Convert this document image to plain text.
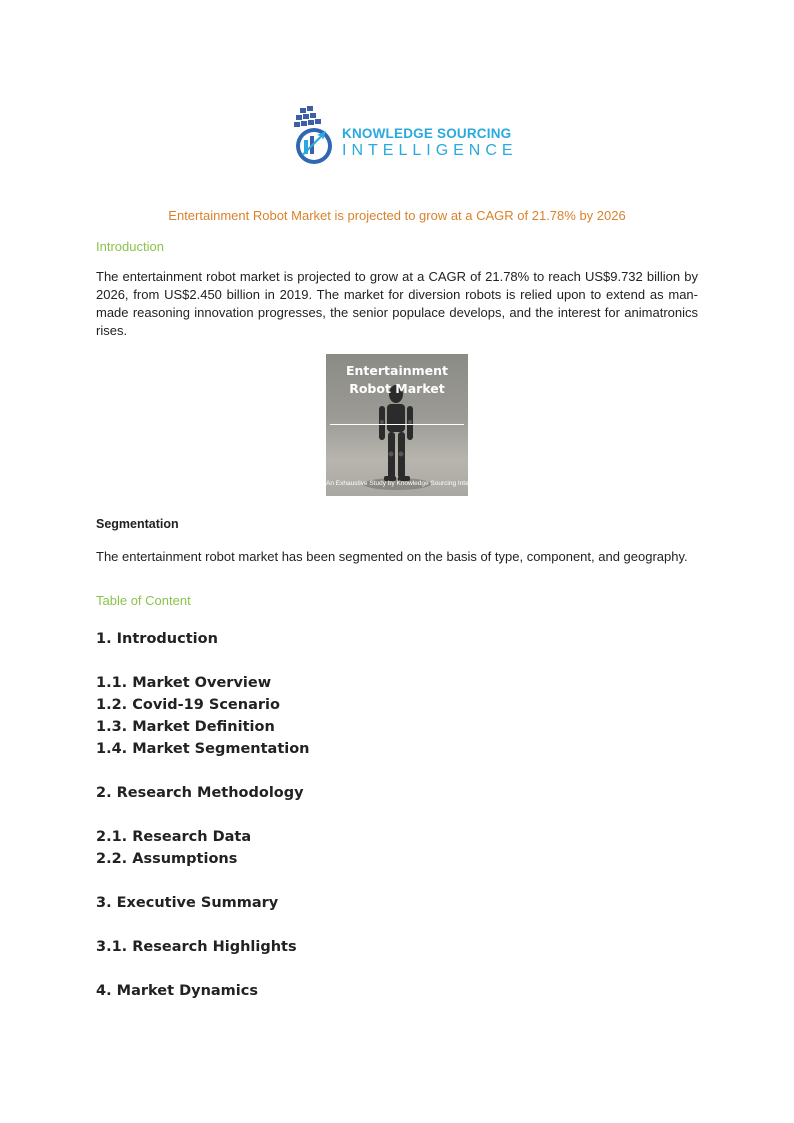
KNOWLEDGE SOURCING
INTELLIGENCE
Entertainment Robot Market is projected to grow at a CAGR of 21.78% by 2026
Introduction

The entertainment robot market is projected to grow at a CAGR of 21.78% to reach US$9.732 billion by 2026, from US$2.450 billion in 2019. The market for diversion robots is relied upon to extend as man-made reasoning innovation progresses, the senior populace develops, and the interest for animatronics rises.

Entertainment Robot Market
An Exhaustive Study by Knowledge Sourcing Intelligence
Segmentation

The entertainment robot market has been segmented on the basis of type, component, and geography.

Table of Content
1. Introduction
1.1. Market Overview
1.2. Covid-19 Scenario
1.3. Market Definition
1.4. Market Segmentation
2. Research Methodology
2.1. Research Data
2.2. Assumptions
3. Executive Summary
3.1. Research Highlights
4. Market Dynamics
